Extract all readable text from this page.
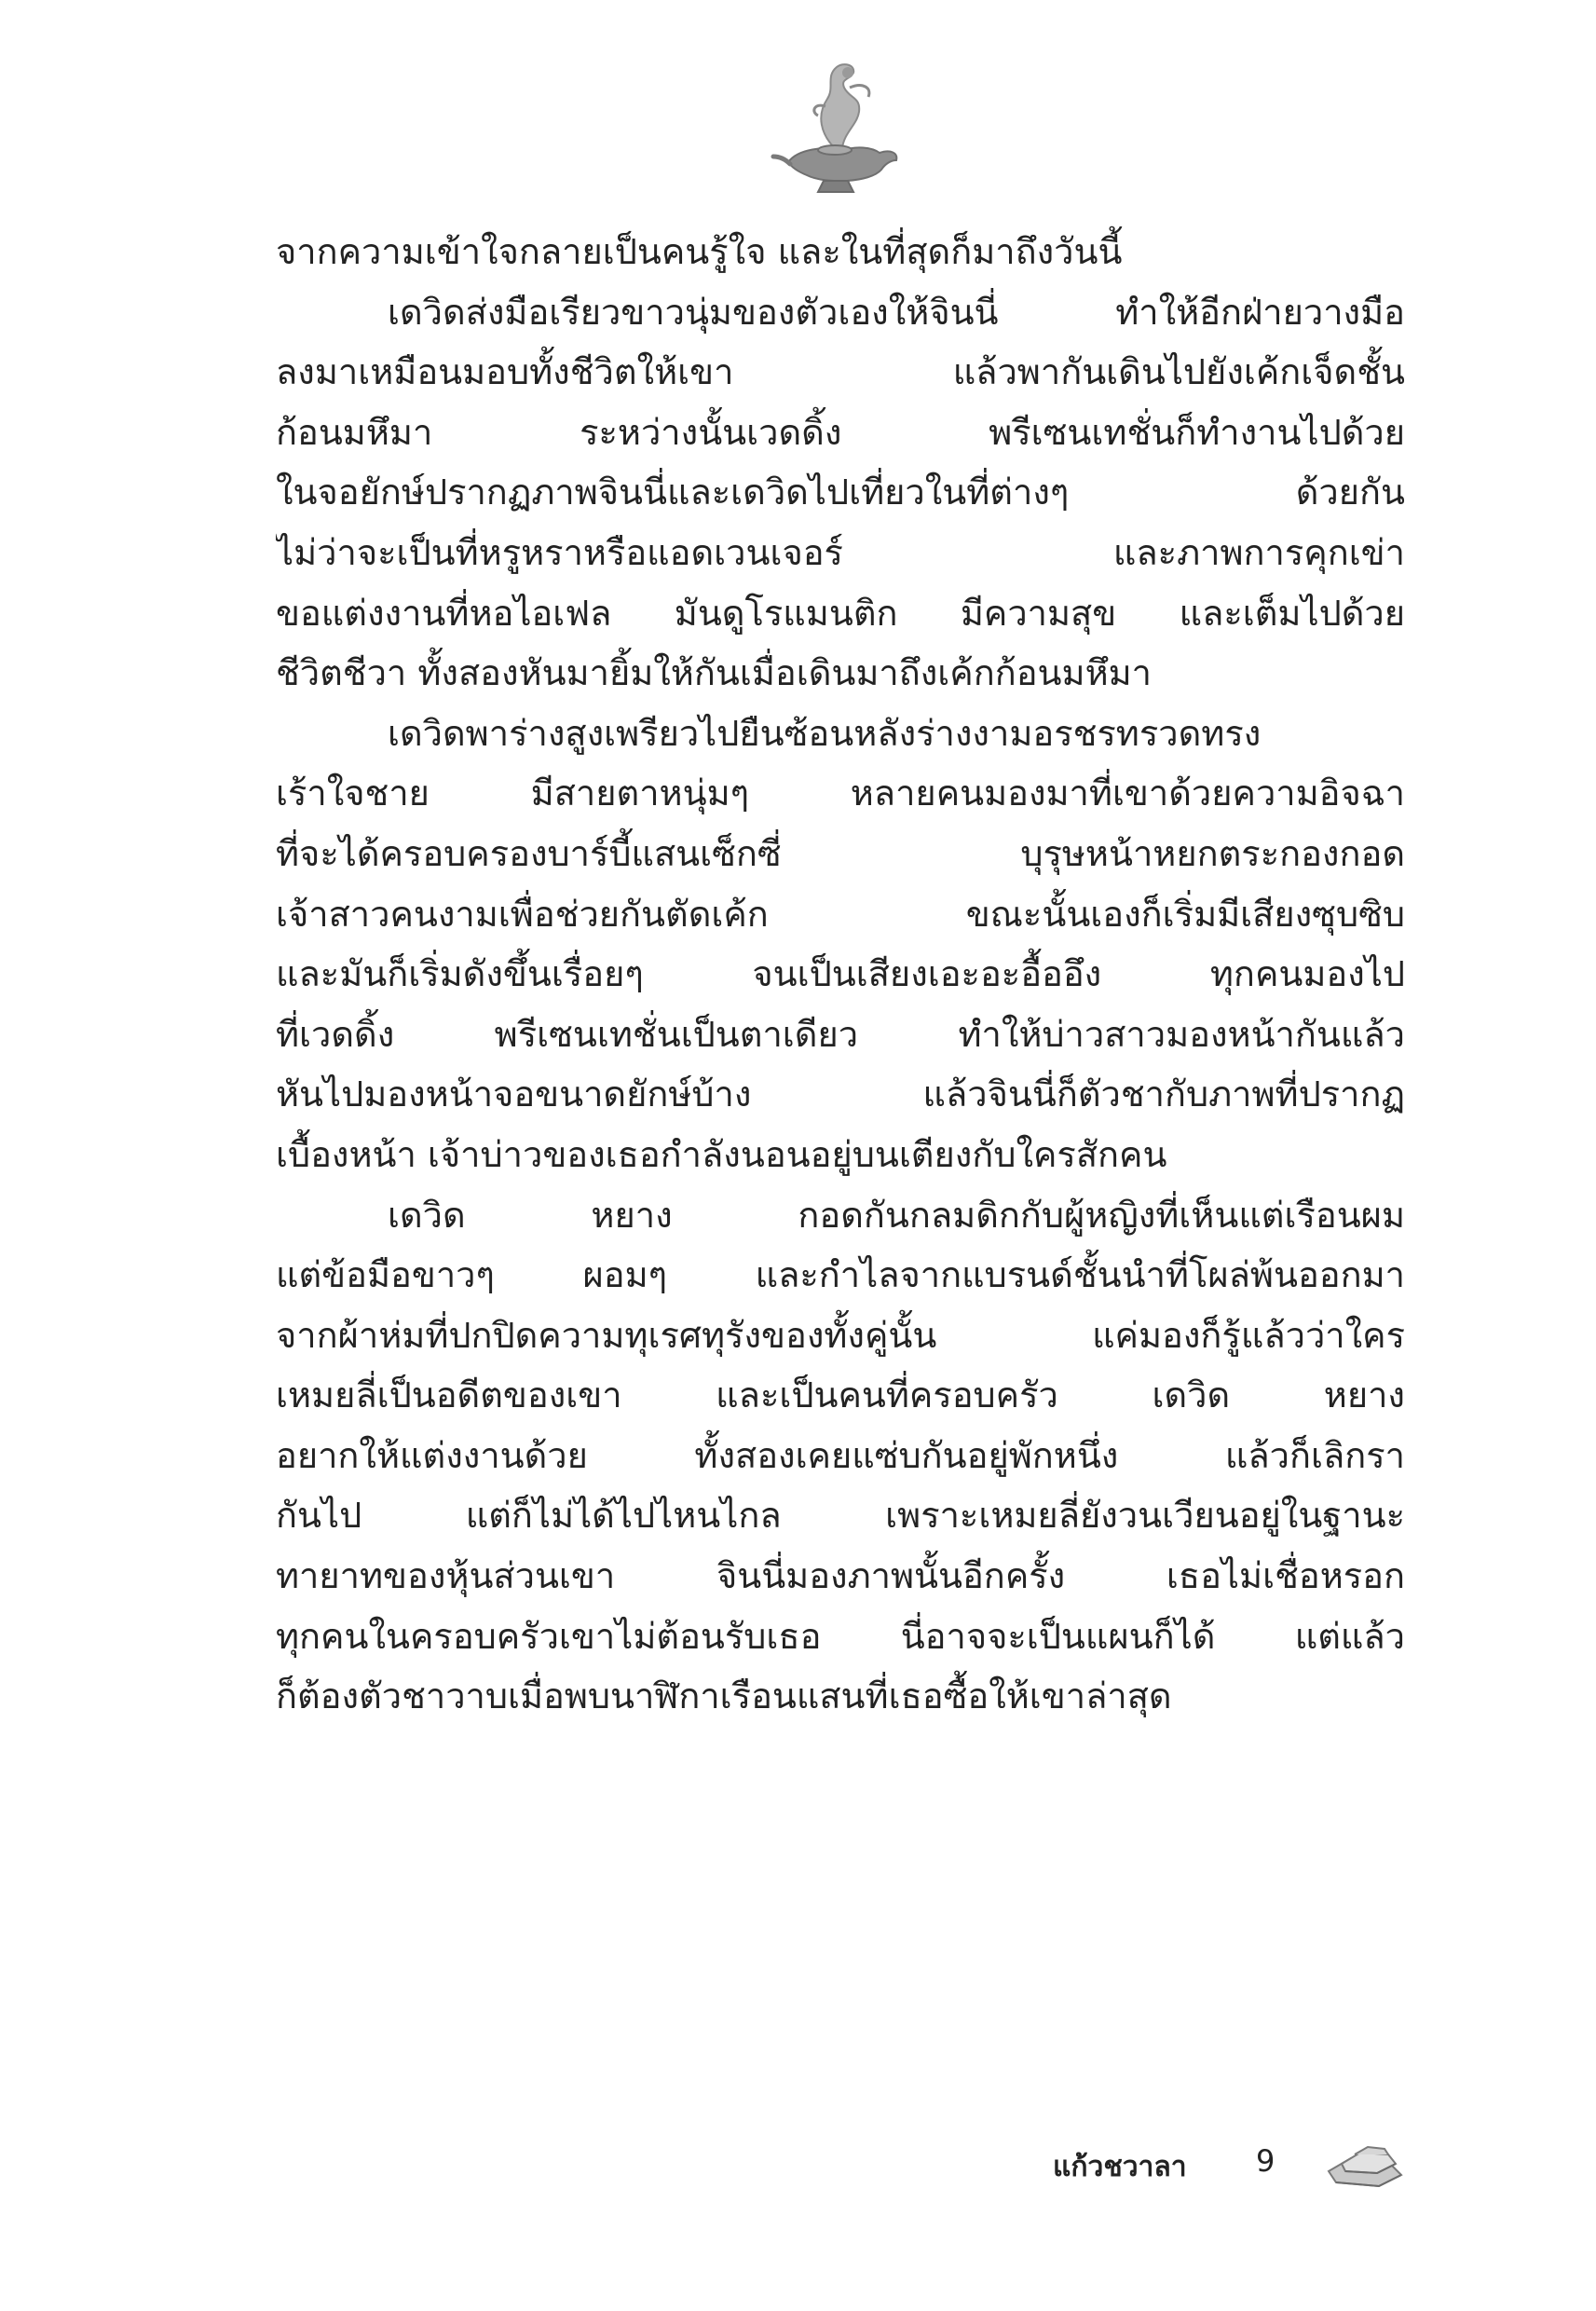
จากความเข้าใจกลายเป็นคนรู้ใจ และในที่สุดก็มาถึงวันนี้
เดวิดส่งมือเรียวขาวนุ่มของตัวเองให้จินนี่ ทำให้อีกฝ่ายวางมือ
ลงมาเหมือนมอบทั้งชีวิตให้เขา แล้วพากันเดินไปยังเค้กเจ็ดชั้น
ก้อนมหึมา ระหว่างนั้นเวดดิ้ง พรีเซนเทชั่นก็ทำงานไปด้วย
ในจอยักษ์ปรากฏภาพจินนี่และเดวิดไปเที่ยวในที่ต่างๆ ด้วยกัน
ไม่ว่าจะเป็นที่หรูหราหรือแอดเวนเจอร์ และภาพการคุกเข่า
ขอแต่งงานที่หอไอเฟล มันดูโรแมนติก มีความสุข และเต็มไปด้วย
ชีวิตชีวา ทั้งสองหันมายิ้มให้กันเมื่อเดินมาถึงเค้กก้อนมหึมา
เดวิดพาร่างสูงเพรียวไปยืนซ้อนหลังร่างงามอรชรทรวดทรง
เร้าใจชาย มีสายตาหนุ่มๆ หลายคนมองมาที่เขาด้วยความอิจฉา
ที่จะได้ครอบครองบาร์บี้แสนเซ็กซี่ บุรุษหน้าหยกตระกองกอด
เจ้าสาวคนงามเพื่อช่วยกันตัดเค้ก ขณะนั้นเองก็เริ่มมีเสียงซุบซิบ
และมันก็เริ่มดังขึ้นเรื่อยๆ จนเป็นเสียงเอะอะอื้ออึง ทุกคนมองไป
ที่เวดดิ้ง พรีเซนเทชั่นเป็นตาเดียว ทำให้บ่าวสาวมองหน้ากันแล้ว
หันไปมองหน้าจอขนาดยักษ์บ้าง แล้วจินนี่ก็ตัวชากับภาพที่ปรากฏ
เบื้องหน้า เจ้าบ่าวของเธอกำลังนอนอยู่บนเตียงกับใครสักคน
เดวิด หยาง กอดกันกลมดิกกับผู้หญิงที่เห็นแต่เรือนผม
แต่ข้อมือขาวๆ ผอมๆ และกำไลจากแบรนด์ชั้นนำที่โผล่พ้นออกมา
จากผ้าห่มที่ปกปิดความทุเรศทุรังของทั้งคู่นั้น แค่มองก็รู้แล้วว่าใคร
เหมยลี่เป็นอดีตของเขา และเป็นคนที่ครอบครัว เดวิด หยาง
อยากให้แต่งงานด้วย ทั้งสองเคยแซ่บกันอยู่พักหนึ่ง แล้วก็เลิกรา
กันไป แต่ก็ไม่ได้ไปไหนไกล เพราะเหมยลี่ยังวนเวียนอยู่ในฐานะ
ทายาทของหุ้นส่วนเขา จินนี่มองภาพนั้นอีกครั้ง เธอไม่เชื่อหรอก
ทุกคนในครอบครัวเขาไม่ต้อนรับเธอ นี่อาจจะเป็นแผนก็ได้ แต่แล้ว
ก็ต้องตัวชาวาบเมื่อพบนาฬิกาเรือนแสนที่เธอซื้อให้เขาล่าสุด
แก้วชวาลา 9
